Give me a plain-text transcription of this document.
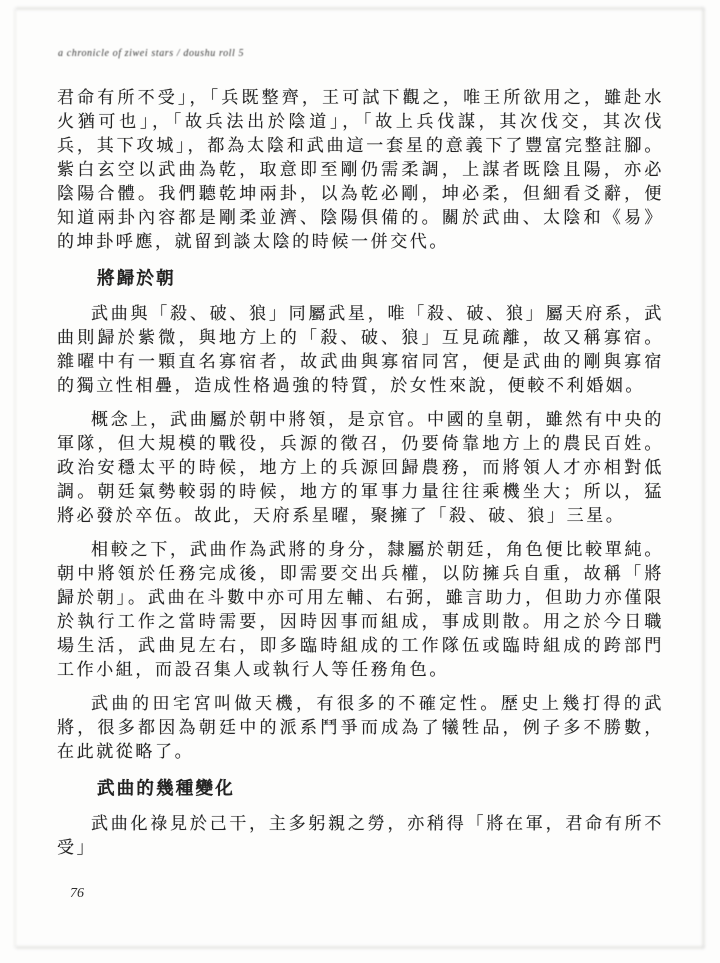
a chronicle of ziwei stars / doushu roll 5

君命有所不受」，「兵既整齊，王可試下觀之，唯王所欲用之，雖赴水火猶可也」，「故兵法出於陰道」，「故上兵伐謀，其次伐交，其次伐兵，其下攻城」，都為太陰和武曲這一套星的意義下了豐富完整註腳。紫白玄空以武曲為乾，取意即至剛仍需柔調，上謀者既陰且陽，亦必陰陽合體。我們聽乾坤兩卦，以為乾必剛，坤必柔，但細看爻辭，便知道兩卦內容都是剛柔並濟、陰陽俱備的。關於武曲、太陰和《易》的坤卦呼應，就留到談太陰的時候一併交代。

將歸於朝

武曲與「殺、破、狼」同屬武星，唯「殺、破、狼」屬天府系，武曲則歸於紫微，與地方上的「殺、破、狼」互見疏離，故又稱寡宿。雜曜中有一顆直名寡宿者，故武曲與寡宿同宮，便是武曲的剛與寡宿的獨立性相疊，造成性格過強的特質，於女性來說，便較不利婚姻。

概念上，武曲屬於朝中將領，是京官。中國的皇朝，雖然有中央的軍隊，但大規模的戰役，兵源的徵召，仍要倚靠地方上的農民百姓。政治安穩太平的時候，地方上的兵源回歸農務，而將領人才亦相對低調。朝廷氣勢較弱的時候，地方的軍事力量往往乘機坐大；所以，猛將必發於卒伍。故此，天府系星曜，聚擁了「殺、破、狼」三星。

相較之下，武曲作為武將的身分，隸屬於朝廷，角色便比較單純。朝中將領於任務完成後，即需要交出兵權，以防擁兵自重，故稱「將歸於朝」。武曲在斗數中亦可用左輔、右弼，雖言助力，但助力亦僅限於執行工作之當時需要，因時因事而組成，事成則散。用之於今日職場生活，武曲見左右，即多臨時組成的工作隊伍或臨時組成的跨部門工作小組，而設召集人或執行人等任務角色。

武曲的田宅宮叫做天機，有很多的不確定性。歷史上幾打得的武將，很多都因為朝廷中的派系鬥爭而成為了犧牲品，例子多不勝數，在此就從略了。

武曲的幾種變化

武曲化祿見於己干，主多躬親之勞，亦稍得「將在軍，君命有所不受」

76
